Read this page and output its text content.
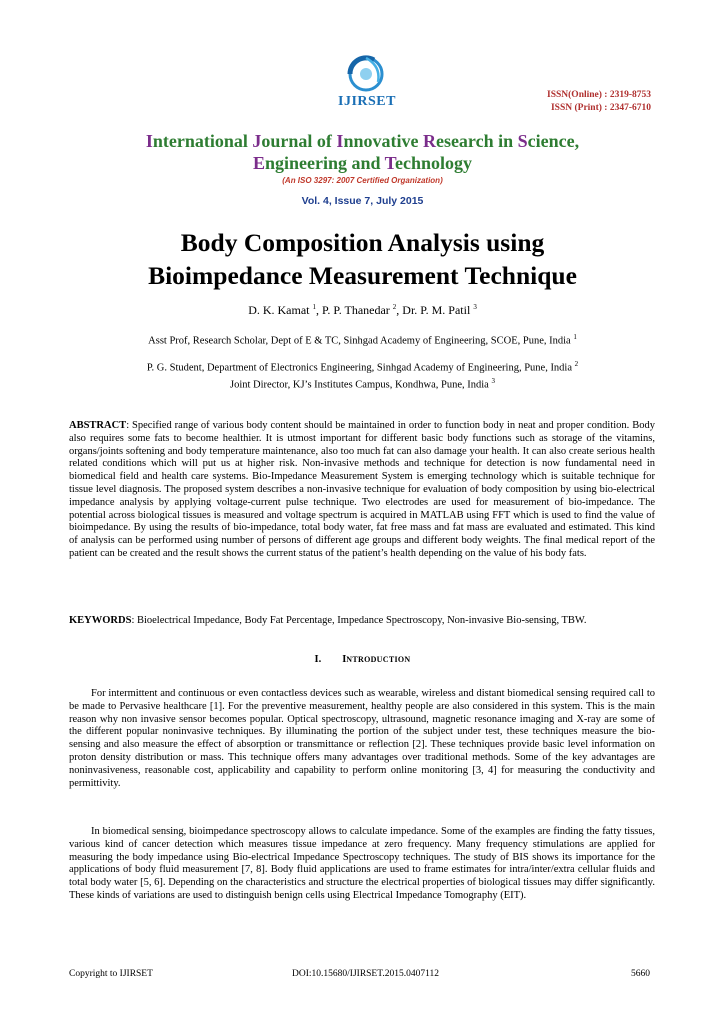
IJIRSET	ISSN(Online) : 2319-8753
ISSN (Print) : 2347-6710
International Journal of Innovative Research in Science,
Engineering and Technology
(An ISO 3297: 2007 Certified Organization)
Vol. 4, Issue 7, July 2015
Body Composition Analysis using
Bioimpedance Measurement Technique
D. K. Kamat $^1$, P. P. Thanedar $^2$, Dr. P. M. Patil $^3$
Asst Prof, Research Scholar, Dept of E & TC, Sinhgad Academy of Engineering, SCOE, Pune, India $^1$
P. G. Student, Department of Electronics Engineering, Sinhgad Academy of Engineering, Pune, India $^2$
Joint Director, KJ’s Institutes Campus, Kondhwa, Pune, India $^3$
ABSTRACT: Specified range of various body content should be maintained in order to function body in neat and proper condition. Body also requires some fats to become healthier. It is utmost important for different basic body functions such as storage of the vitamins, organs/joints softening and body temperature maintenance, also too much fat can also damage your health. It can also create serious health related conditions which will put us at higher risk. Non-invasive methods and technique for detection is now fundamental need in biomedical field and health care systems. Bio-Impedance Measurement System is emerging technology which is suitable technique for tissue level diagnosis. The proposed system describes a non-invasive technique for evaluation of body composition by using bio-electrical impedance analysis by applying voltage-current pulse technique. Two electrodes are used for measurement of bio-impedance. The potential across biological tissues is measured and voltage spectrum is acquired in MATLAB using FFT which is used to find the value of bioimpedance. By using the results of bio-impedance, total body water, fat free mass and fat mass are evaluated and estimated. This kind of analysis can be performed using number of persons of different age groups and different body weights. The final medical report of the patient can be created and the result shows the current status of the patient’s health depending on the value of his body fats.
KEYWORDS: Bioelectrical Impedance, Body Fat Percentage, Impedance Spectroscopy, Non-invasive Bio-sensing, TBW.
I. INTRODUCTION
For intermittent and continuous or even contactless devices such as wearable, wireless and distant biomedical sensing required call to be made to Pervasive healthcare [1]. For the preventive measurement, healthy people are also considered in this system. This is the main reason why non invasive sensor becomes popular. Optical spectroscopy, ultrasound, magnetic resonance imaging and X-ray are some of the different popular noninvasive techniques. By illuminating the portion of the subject under test, these techniques measure the bio-sensing and also measure the effect of absorption or transmittance or reflection [2]. These techniques provide basic level information on proton density distribution or mass. This technique offers many advantages over traditional methods. Some of the key advantages are noninvasiveness, reasonable cost, applicability and capability to perform online monitoring [3, 4] for measuring the conductivity and permittivity.
In biomedical sensing, bioimpedance spectroscopy allows to calculate impedance. Some of the examples are finding the fatty tissues, various kind of cancer detection which measures tissue impedance at zero frequency. Many frequency stimulations are applied for measuring the body impedance using Bio-electrical Impedance Spectroscopy techniques. The study of BIS shows its importance for the applications of body fluid measurement [7, 8]. Body fluid applications are used to frame estimates for intra/inter/extra cellular fluids and total body water [5, 6]. Depending on the characteristics and structure the electrical properties of biological tissues may differ significantly. These kinds of variations are used to distinguish benign cells using Electrical Impedance Tomography (EIT).
Copyright to IJIRSET	DOI:10.15680/IJIRSET.2015.0407112	5660
